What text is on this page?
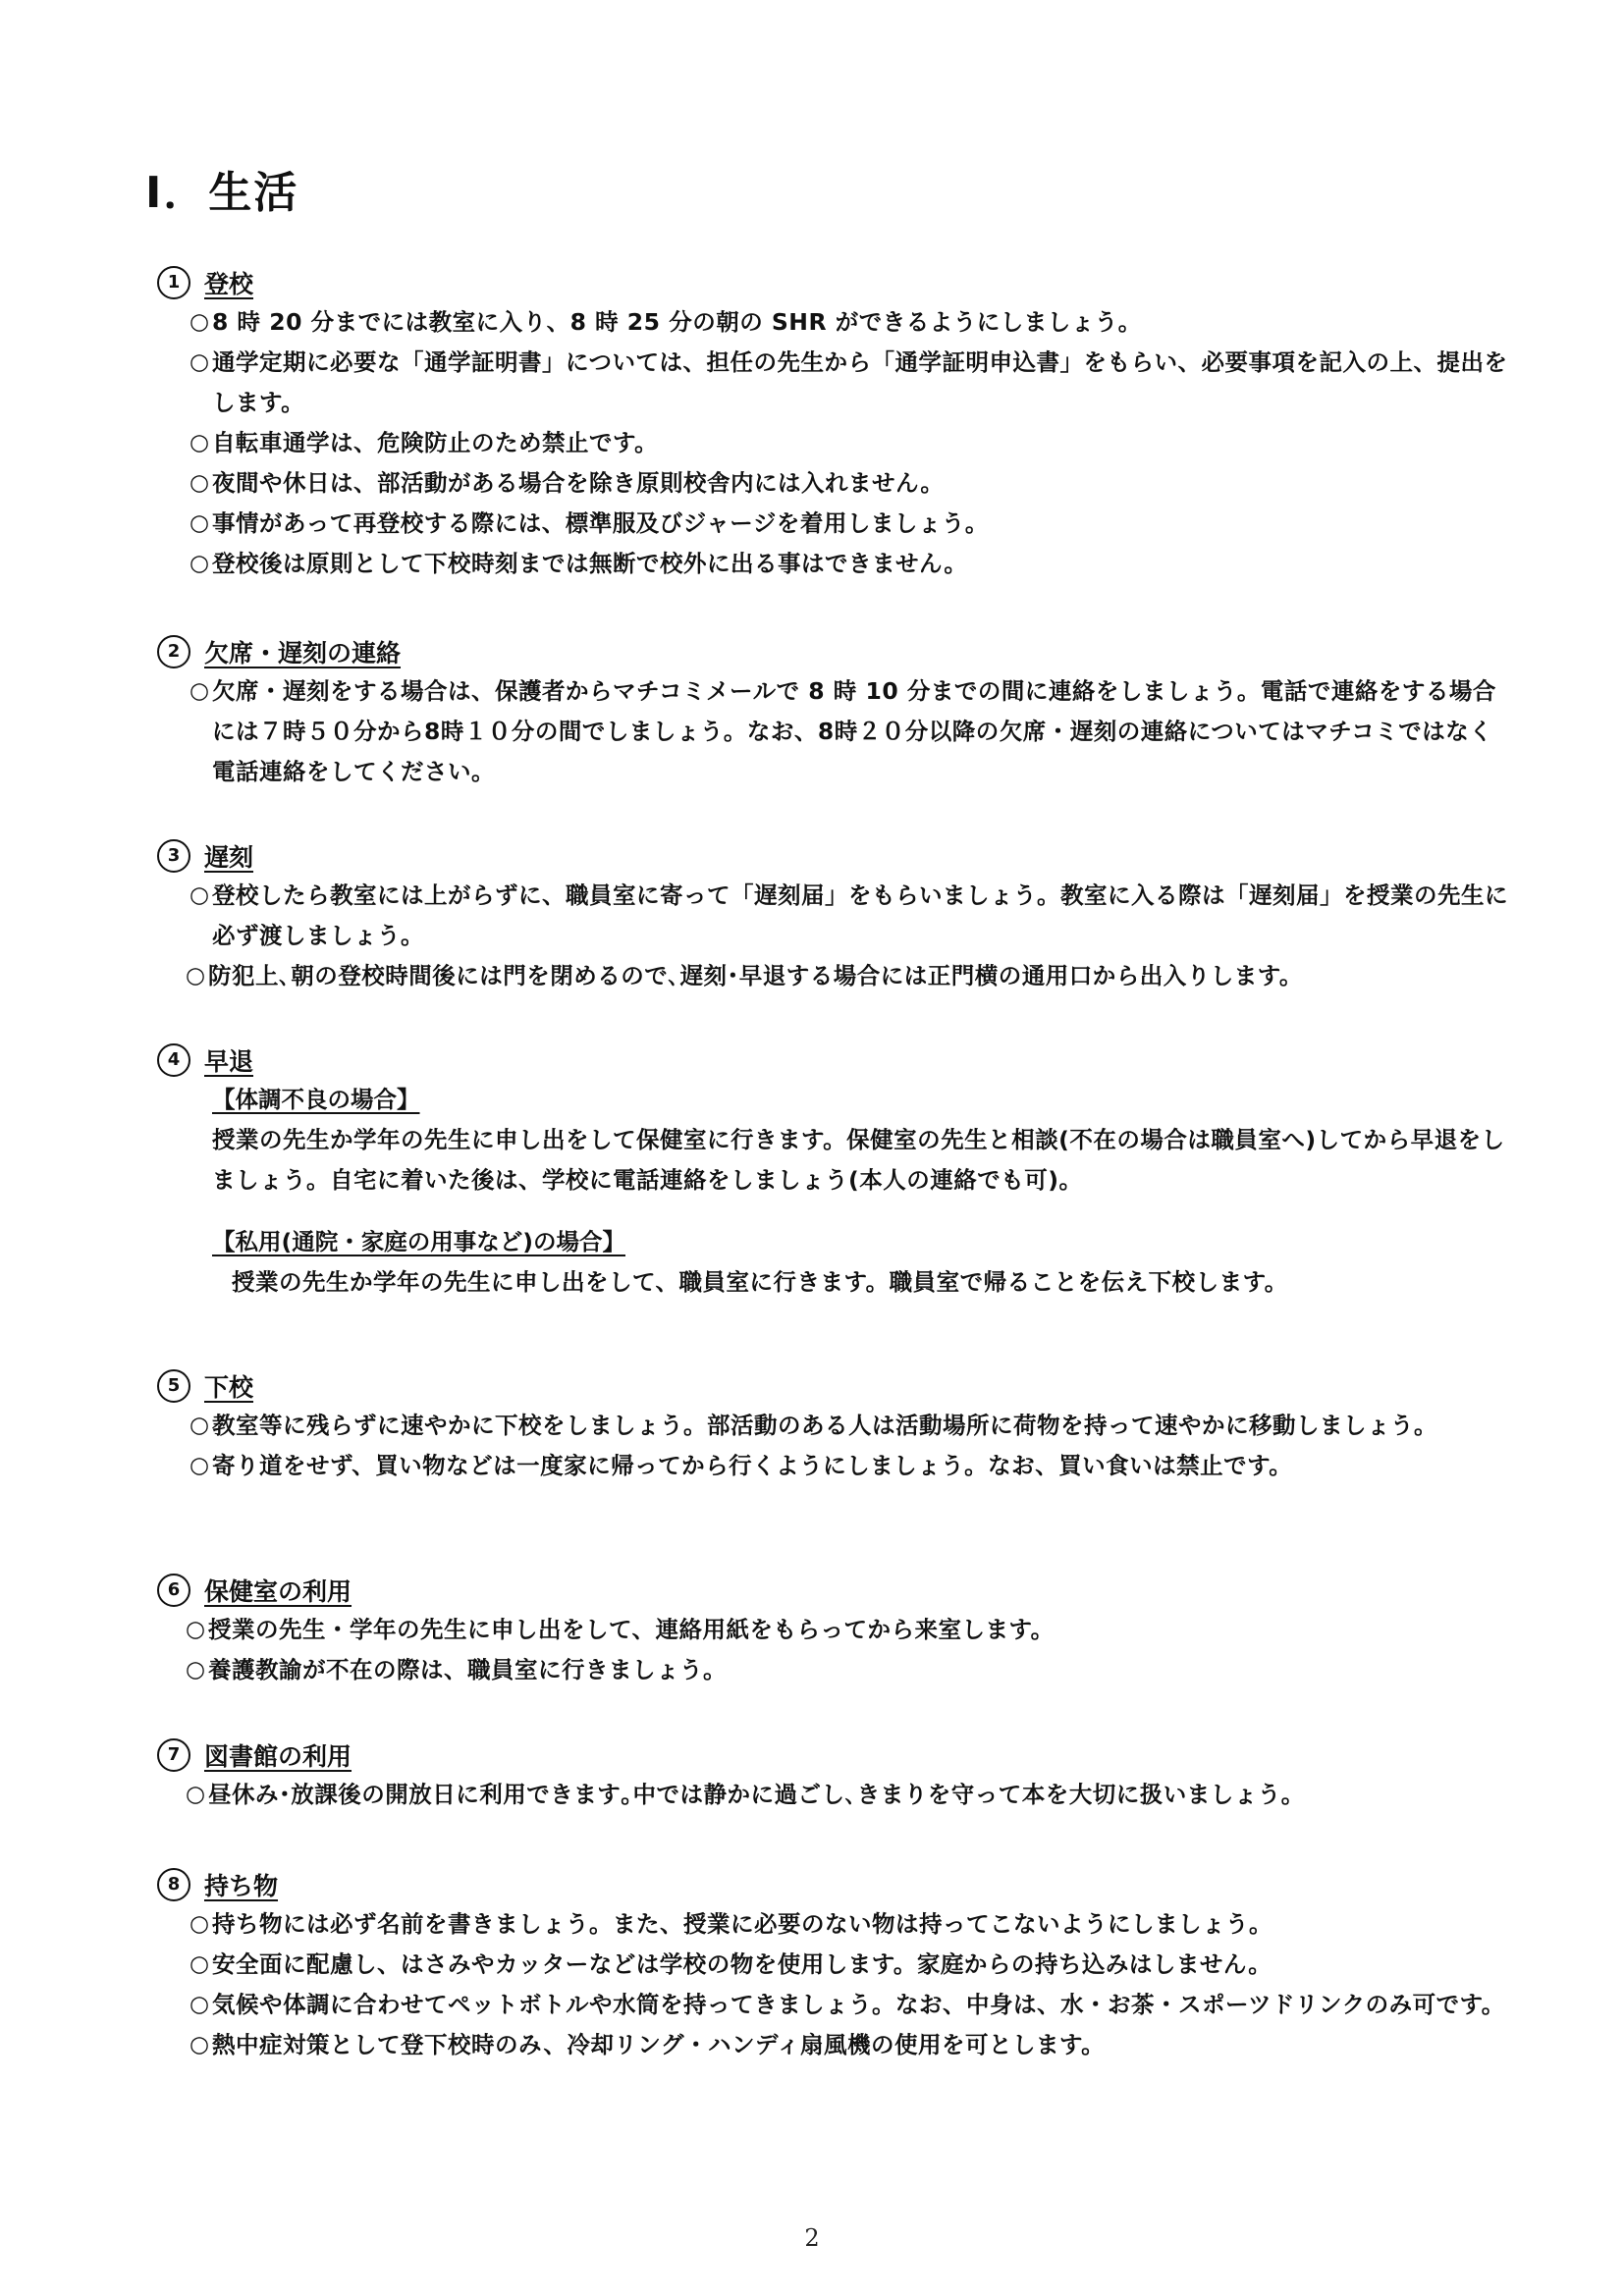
Ⅰ．生活
1 登校
○ 8 時 20 分までには教室に入り、8 時 25 分の朝の SHR ができるようにしましょう。
○ 通学定期に必要な「通学証明書」については、担任の先生から「通学証明申込書」をもらい、必要事項を記入の上、提出をします。
○ 自転車通学は、危険防止のため禁止です。
○ 夜間や休日は、部活動がある場合を除き原則校舎内には入れません。
○ 事情があって再登校する際には、標準服及びジャージを着用しましょう。
○ 登校後は原則として下校時刻までは無断で校外に出る事はできません。
2 欠席・遅刻の連絡
○ 欠席・遅刻をする場合は、保護者からマチコミメールで 8 時 10 分までの間に連絡をしましょう。電話で連絡をする場合には７時５０分から8時１０分の間でしましょう。なお、8時２０分以降の欠席・遅刻の連絡についてはマチコミではなく電話連絡をしてください。
3 遅刻
○ 登校したら教室には上がらずに、職員室に寄って「遅刻届」をもらいましょう。教室に入る際は「遅刻届」を授業の先生に必ず渡しましょう。
○ 防犯上､朝の登校時間後には門を閉めるので､遅刻･早退する場合には正門横の通用口から出入りします。
4 早退
【体調不良の場合】
授業の先生か学年の先生に申し出をして保健室に行きます。保健室の先生と相談(不在の場合は職員室へ)してから早退をしましょう。自宅に着いた後は、学校に電話連絡をしましょう(本人の連絡でも可)。
【私用(通院・家庭の用事など)の場合】
授業の先生か学年の先生に申し出をして、職員室に行きます。職員室で帰ることを伝え下校します。
5 下校
○ 教室等に残らずに速やかに下校をしましょう。部活動のある人は活動場所に荷物を持って速やかに移動しましょう。
○ 寄り道をせず、買い物などは一度家に帰ってから行くようにしましょう。なお、買い食いは禁止です。
6 保健室の利用
○ 授業の先生・学年の先生に申し出をして、連絡用紙をもらってから来室します。
○ 養護教諭が不在の際は、職員室に行きましょう。
7 図書館の利用
○ 昼休み･放課後の開放日に利用できます｡中では静かに過ごし､きまりを守って本を大切に扱いましょう。
8 持ち物
○ 持ち物には必ず名前を書きましょう。また、授業に必要のない物は持ってこないようにしましょう。
○ 安全面に配慮し、はさみやカッターなどは学校の物を使用します。家庭からの持ち込みはしません。
○ 気候や体調に合わせてペットボトルや水筒を持ってきましょう。なお、中身は、水・お茶・スポーツドリンクのみ可です。
○ 熱中症対策として登下校時のみ、冷却リング・ハンディ扇風機の使用を可とします。
2
